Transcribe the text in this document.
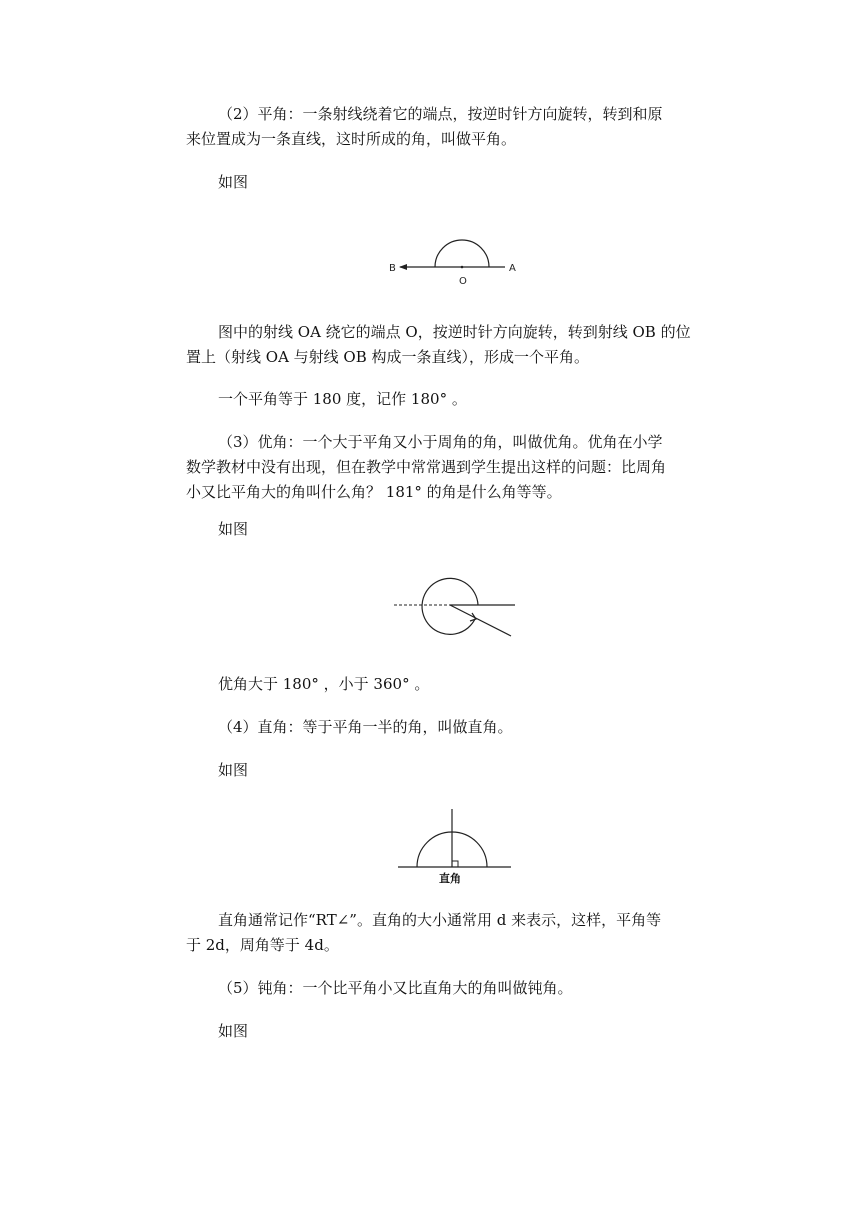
（2）平角：一条射线绕着它的端点，按逆时针方向旋转，转到和原
来位置成为一条直线，这时所成的角，叫做平角。
如图
B
O
A
图中的射线 OA 绕它的端点 O，按逆时针方向旋转，转到射线 OB 的位
置上（射线 OA 与射线 OB 构成一条直线），形成一个平角。
一个平角等于 180 度，记作 180° 。
（3）优角：一个大于平角又小于周角的角，叫做优角。优角在小学
数学教材中没有出现，但在教学中常常遇到学生提出这样的问题：比周角
小又比平角大的角叫什么角？ 181° 的角是什么角等等。
如图
优角大于 180° ，小于 360° 。
（4）直角：等于平角一半的角，叫做直角。
如图
直角
直角通常记作“RT∠”。直角的大小通常用 d 来表示，这样，平角等
于 2d，周角等于 4d。
（5）钝角：一个比平角小又比直角大的角叫做钝角。
如图
